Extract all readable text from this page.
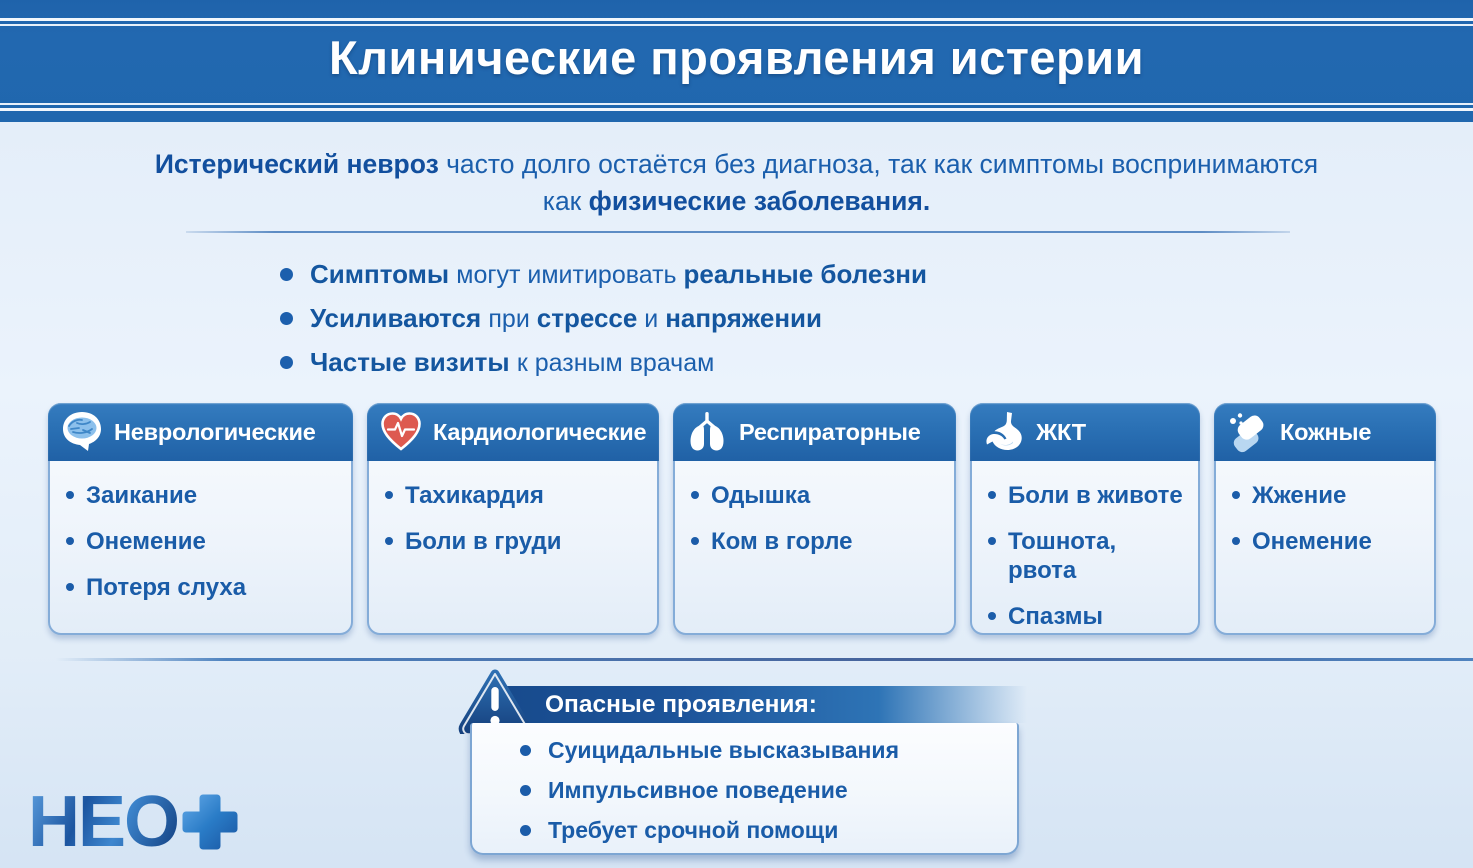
Клинические проявления истерии

Истерический невроз часто долго остаётся без диагноза, так как симптомы воспринимаются
как физические заболевания.

Симптомы могут имитировать реальные болезни

Усиливаются при стрессе и напряжении

Частые визиты к разным врачам

Неврологические
Заикание
Онемение
Потеря слуха
Кардиологические
Тахикардия
Боли в груди
Респираторные
Одышка
Ком в горле
ЖКТ
Боли в животе
Тошнота, рвота
Спазмы
Кожные
Жжение
Онемение
Опасные проявления:
Суицидальные высказывания
Импульсивное поведение
Требует срочной помощи
НЕО
